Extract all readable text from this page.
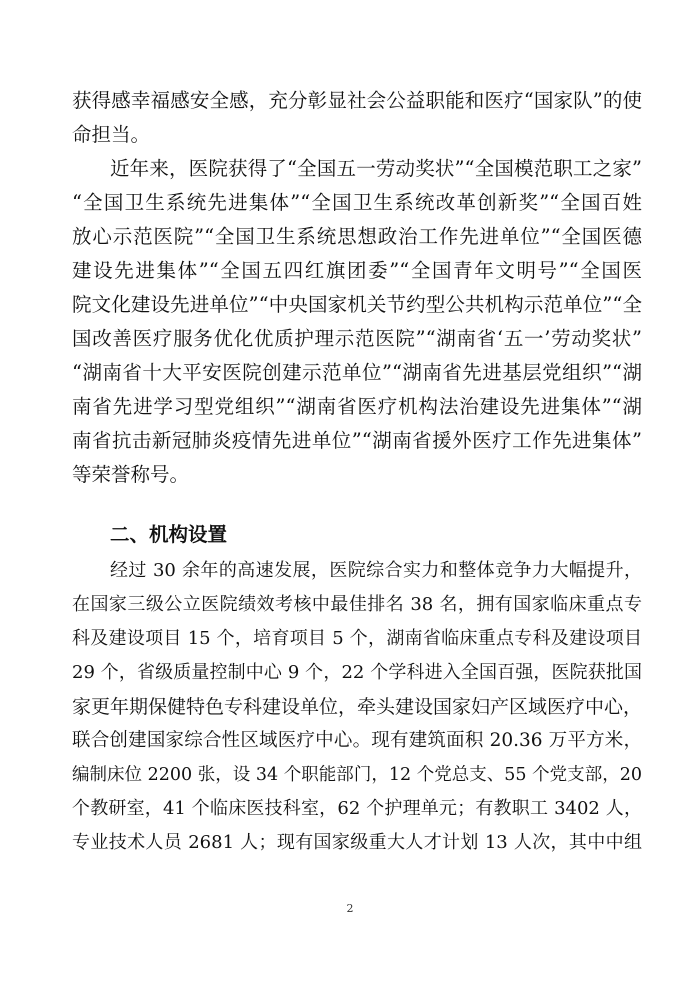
获得感幸福感安全感，充分彰显社会公益职能和医疗“国家队”的使
命担当。
近年来，医院获得了“全国五一劳动奖状”“全国模范职工之家”
“全国卫生系统先进集体”“全国卫生系统改革创新奖”“全国百姓
放心示范医院”“全国卫生系统思想政治工作先进单位”“全国医德
建设先进集体”“全国五四红旗团委”“全国青年文明号”“全国医
院文化建设先进单位”“中央国家机关节约型公共机构示范单位”“全
国改善医疗服务优化优质护理示范医院”“湖南省‘五一’劳动奖状”
“湖南省十大平安医院创建示范单位”“湖南省先进基层党组织”“湖
南省先进学习型党组织”“湖南省医疗机构法治建设先进集体”“湖
南省抗击新冠肺炎疫情先进单位”“湖南省援外医疗工作先进集体”
等荣誉称号。
二、机构设置
经过 30 余年的高速发展，医院综合实力和整体竞争力大幅提升，
在国家三级公立医院绩效考核中最佳排名 38 名，拥有国家临床重点专
科及建设项目 15 个，培育项目 5 个，湖南省临床重点专科及建设项目
29 个，省级质量控制中心 9 个，22 个学科进入全国百强，医院获批国
家更年期保健特色专科建设单位，牵头建设国家妇产区域医疗中心，
联合创建国家综合性区域医疗中心。现有建筑面积 20.36 万平方米，
编制床位 2200 张，设 34 个职能部门，12 个党总支、55 个党支部，20
个教研室，41 个临床医技科室，62 个护理单元；有教职工 3402 人，
专业技术人员 2681 人；现有国家级重大人才计划 13 人次，其中中组
2
